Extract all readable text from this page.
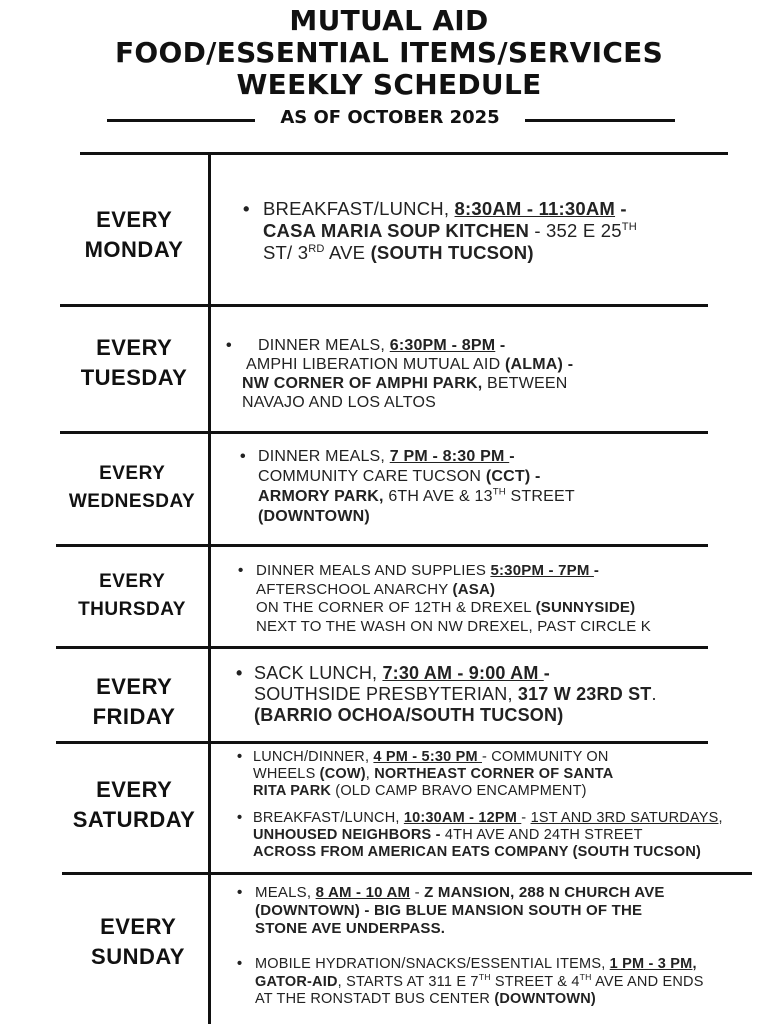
MUTUAL AID
FOOD/ESSENTIAL ITEMS/SERVICES
WEEKLY SCHEDULE
AS OF OCTOBER 2025
EVERY MONDAY
• BREAKFAST/LUNCH, 8:30AM - 11:30AM -
CASA MARIA SOUP KITCHEN - 352 E 25TH
ST/ 3RD AVE (SOUTH TUCSON)
EVERY TUESDAY
•	DINNER MEALS, 6:30PM - 8PM -
AMPHI LIBERATION MUTUAL AID (ALMA) -
NW CORNER OF AMPHI PARK, BETWEEN
NAVAJO AND LOS ALTOS
EVERY WEDNESDAY
• DINNER MEALS, 7 PM - 8:30 PM -
COMMUNITY CARE TUCSON (CCT) -
ARMORY PARK, 6TH AVE & 13TH STREET
(DOWNTOWN)
EVERY THURSDAY
• DINNER MEALS AND SUPPLIES 5:30PM - 7PM -
AFTERSCHOOL ANARCHY (ASA)
ON THE CORNER OF 12TH & DREXEL (SUNNYSIDE)
NEXT TO THE WASH ON NW DREXEL, PAST CIRCLE K
EVERY FRIDAY
• SACK LUNCH, 7:30 AM - 9:00 AM -
SOUTHSIDE PRESBYTERIAN, 317 W 23RD ST.
(BARRIO OCHOA/SOUTH TUCSON)
EVERY SATURDAY
• LUNCH/DINNER, 4 PM - 5:30 PM - COMMUNITY ON
WHEELS (COW), NORTHEAST CORNER OF SANTA
RITA PARK (OLD CAMP BRAVO ENCAMPMENT)
• BREAKFAST/LUNCH, 10:30AM - 12PM - 1ST AND 3RD SATURDAYS,
UNHOUSED NEIGHBORS - 4TH AVE AND 24TH STREET
ACROSS FROM AMERICAN EATS COMPANY (SOUTH TUCSON)
EVERY SUNDAY
• MEALS, 8 AM - 10 AM - Z MANSION, 288 N CHURCH AVE
(DOWNTOWN) - BIG BLUE MANSION SOUTH OF THE
STONE AVE UNDERPASS.
• MOBILE HYDRATION/SNACKS/ESSENTIAL ITEMS, 1 PM - 3 PM,
GATOR-AID, STARTS AT 311 E 7TH STREET & 4TH AVE AND ENDS
AT THE RONSTADT BUS CENTER (DOWNTOWN)
